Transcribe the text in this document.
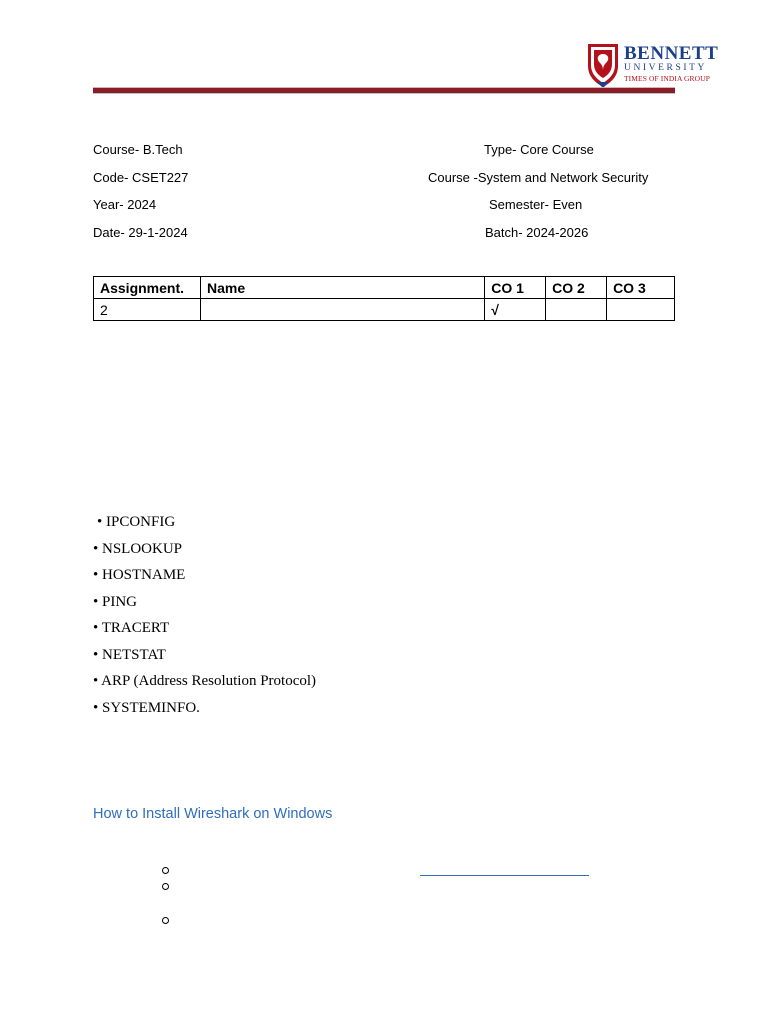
BENNETT
UNIVERSITY
TIMES OF INDIA GROUP
Course- B.Tech	Type- Core Course
Code- CSET227	Course -System and Network Security
Year- 2024	Semester- Even
Date- 29-1-2024	Batch- 2024-2026
Assignment.	Name	CO 1	CO 2	CO 3
2		√		
• IPCONFIG
• NSLOOKUP
• HOSTNAME
• PING
• TRACERT
• NETSTAT
• ARP (Address Resolution Protocol)
• SYSTEMINFO.
How to Install Wireshark on Windows
